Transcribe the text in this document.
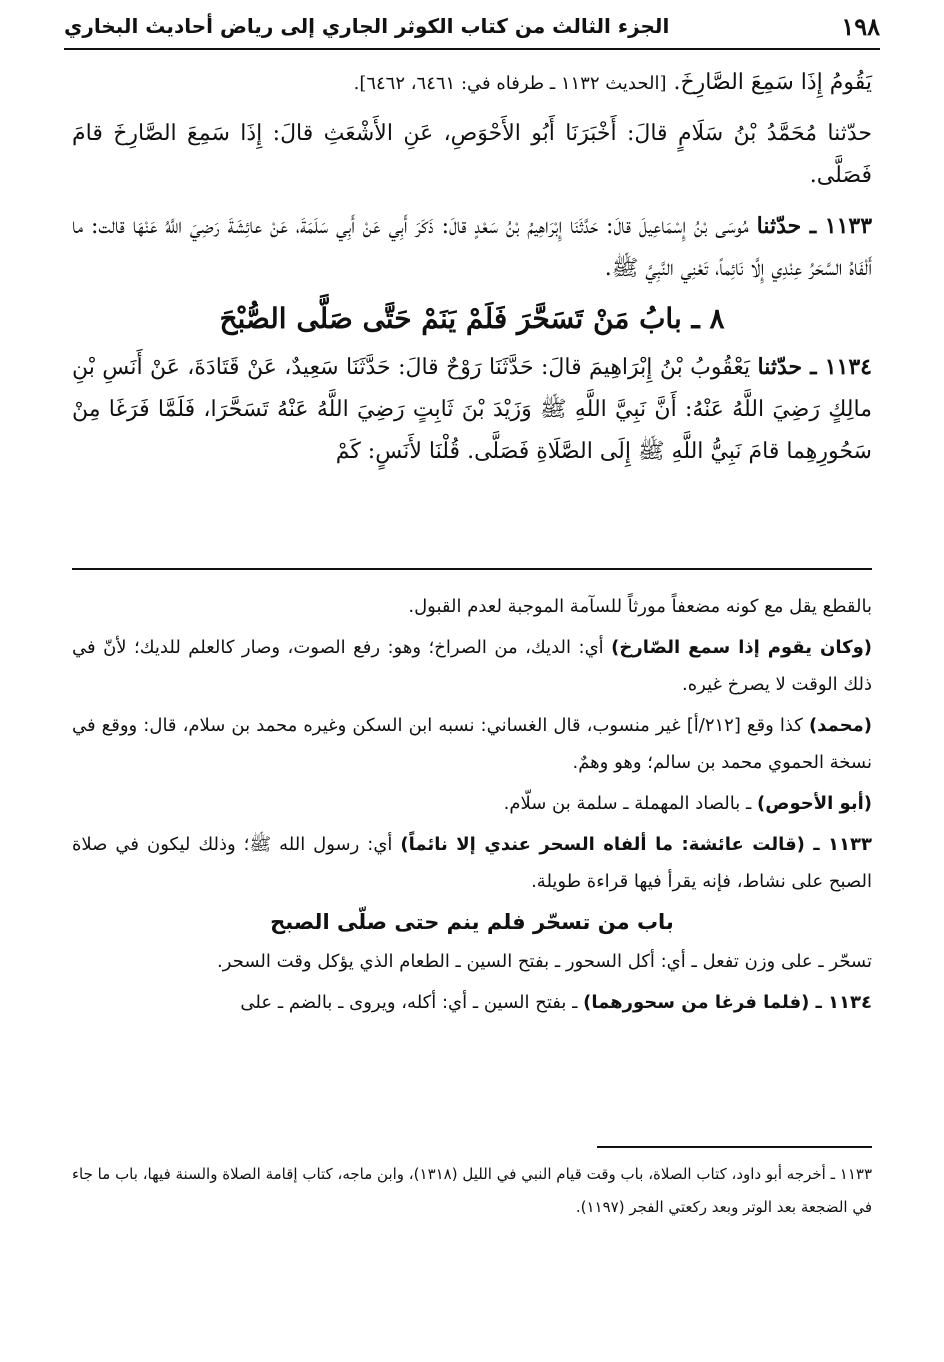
١٩٨
الجزء الثالث من كتاب الكوثر الجاري إلى رياض أحاديث البخاري

يَقُومُ إِذَا سَمِعَ الصَّارِخَ. [الحديث ١١٣٢ ـ طرفاه في: ٦٤٦١، ٦٤٦٢].

حدّثنا مُحَمَّدُ بْنُ سَلَامٍ قالَ: أَخْبَرَنَا أَبُو الأَحْوَصِ، عَنِ الأَشْعَثِ قالَ: إِذَا سَمِعَ الصَّارِخَ قامَ فَصَلَّى.

١١٣٣ ـ حدّثنا مُوسَى بْنُ إِسْمَاعِيلَ قالَ: حَدَّثَنَا إِبْرَاهِيمُ بْنُ سَعْدٍ قالَ: ذَكَرَ أَبِي عَنْ أَبِي سَلَمَةَ، عَنْ عائِشَةَ رَضِيَ اللَّهُ عَنْهَا قالت: ما أَلْفَاهُ السَّحَرُ عِنْدِي إِلَّا نَائِماً، تَعْنِي النَّبِيَّ ﷺ.

٨ ـ بابُ مَنْ تَسَحَّرَ فَلَمْ يَنَمْ حَتَّى صَلَّى الصُّبْحَ

١١٣٤ ـ حدّثنا يَعْقُوبُ بْنُ إِبْرَاهِيمَ قالَ: حَدَّثَنَا رَوْحٌ قالَ: حَدَّثَنَا سَعِيدٌ، عَنْ قَتَادَةَ، عَنْ أَنَسِ بْنِ مالِكٍ رَضِيَ اللَّهُ عَنْهُ: أَنَّ نَبِيَّ اللَّهِ ﷺ وَزَيْدَ بْنَ ثَابِتٍ رَضِيَ اللَّهُ عَنْهُ تَسَحَّرَا، فَلَمَّا فَرَغَا مِنْ سَحُورِهِما قامَ نَبِيُّ اللَّهِ ﷺ إِلَى الصَّلَاةِ فَصَلَّى. قُلْنَا لأَنَسٍ: كَمْ

بالقطع يقل مع كونه مضعفاً مورثاً للسآمة الموجبة لعدم القبول.

(وكان يقوم إذا سمع الصّارخ) أي: الديك، من الصراخ؛ وهو: رفع الصوت، وصار كالعلم للديك؛ لأنّ في ذلك الوقت لا يصرخ غيره.

(محمد) كذا وقع [٢١٢/أ] غير منسوب، قال الغساني: نسبه ابن السكن وغيره محمد بن سلام، قال: ووقع في نسخة الحموي محمد بن سالم؛ وهو وهمٌ.

(أبو الأحوص) ـ بالصاد المهملة ـ سلمة بن سلّام.

١١٣٣ ـ (قالت عائشة: ما ألفاه السحر عندي إلا نائماً) أي: رسول الله ﷺ؛ وذلك ليكون في صلاة الصبح على نشاط، فإنه يقرأ فيها قراءة طويلة.

باب من تسحّر فلم ينم حتى صلّى الصبح

تسحّر ـ على وزن تفعل ـ أي: أكل السحور ـ بفتح السين ـ الطعام الذي يؤكل وقت السحر.

١١٣٤ ـ (فلما فرغا من سحورهما) ـ بفتح السين ـ أي: أكله، ويروى ـ بالضم ـ على

١١٣٣ ـ أخرجه أبو داود، كتاب الصلاة، باب وقت قيام النبي في الليل (١٣١٨)، وابن ماجه، كتاب إقامة الصلاة والسنة فيها، باب ما جاء في الضجعة بعد الوتر وبعد ركعتي الفجر (١١٩٧).
